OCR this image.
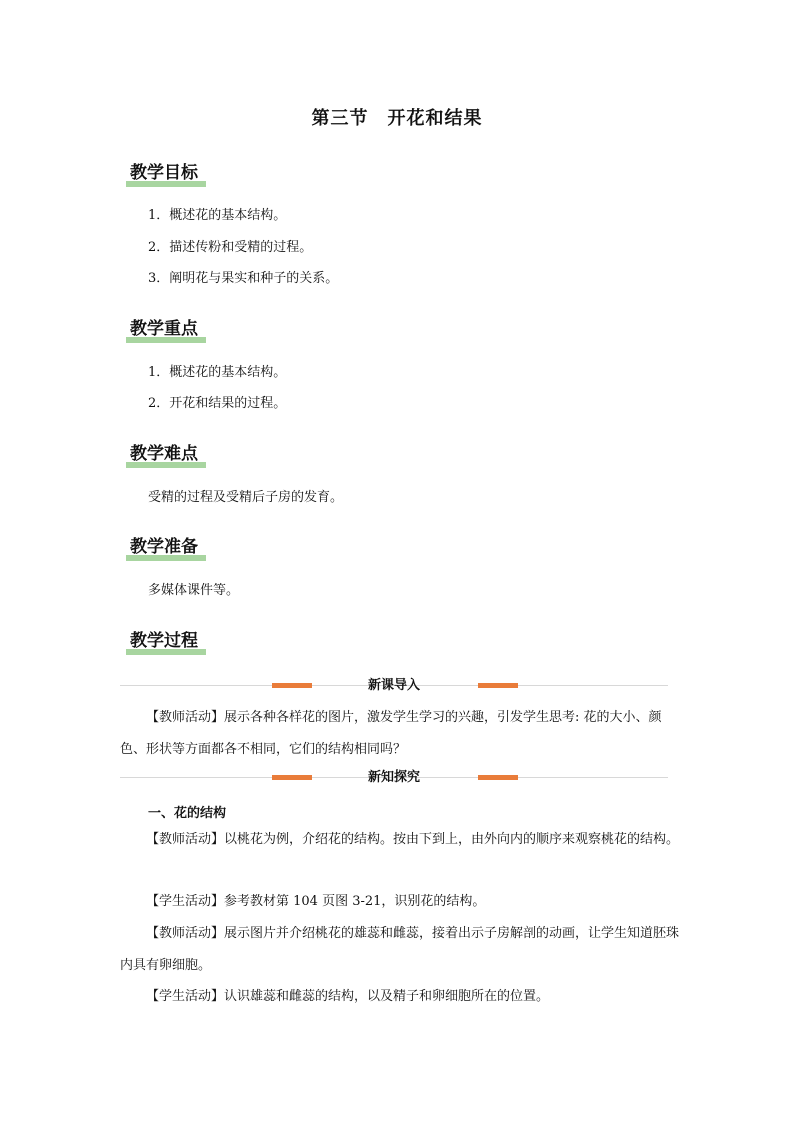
第三节　开花和结果
教学目标
1．概述花的基本结构。
2．描述传粉和受精的过程。
3．阐明花与果实和种子的关系。
教学重点
1．概述花的基本结构。
2．开花和结果的过程。
教学难点
受精的过程及受精后子房的发育。
教学准备
多媒体课件等。
教学过程
新课导入
【教师活动】展示各种各样花的图片，激发学生学习的兴趣，引发学生思考: 花的大小、颜色、形状等方面都各不相同，它们的结构相同吗？
新知探究
一、花的结构
【教师活动】以桃花为例，介绍花的结构。按由下到上，由外向内的顺序来观察桃花的结构。
【学生活动】参考教材第 104 页图 3-21，识别花的结构。
【教师活动】展示图片并介绍桃花的雄蕊和雌蕊，接着出示子房解剖的动画，让学生知道胚珠内具有卵细胞。
【学生活动】认识雄蕊和雌蕊的结构，以及精子和卵细胞所在的位置。
